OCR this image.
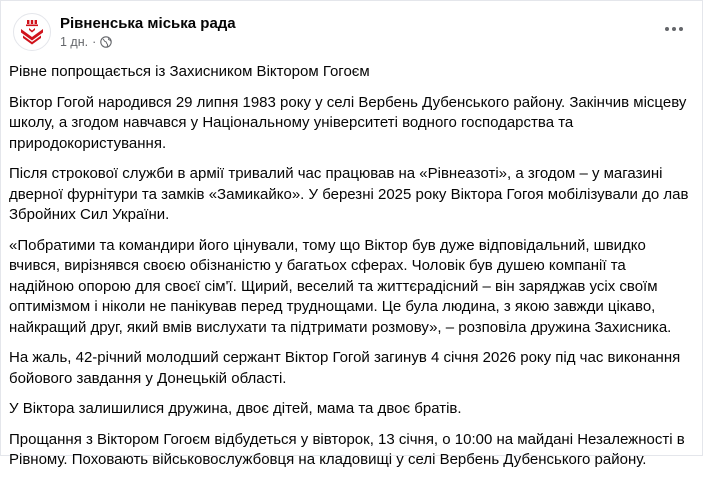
Рівненська міська рада
1 дн. ·

Рівне попрощається із Захисником Віктором Гогоєм

Віктор Гогой народився 29 липня 1983 року у селі Вербень Дубенського району. Закінчив місцеву школу, а згодом навчався у Національному університеті водного господарства та природокористування.

Після строкової служби в армії тривалий час працював на «Рівнеазоті», а згодом – у магазині дверної фурнітури та замків «Замикайко». У березні 2025 року Віктора Гогоя мобілізували до лав Збройних Сил України.

«Побратими та командири його цінували, тому що Віктор був дуже відповідальний, швидко вчився, вирізнявся своєю обізнаністю у багатьох сферах. Чоловік був душею компанії та надійною опорою для своєї сім'ї. Щирий, веселий та життєрадісний – він заряджав усіх своїм оптимізмом і ніколи не панікував перед труднощами. Це була людина, з якою завжди цікаво, найкращий друг, який вмів вислухати та підтримати розмову», – розповіла дружина Захисника.

На жаль, 42-річний молодший сержант Віктор Гогой загинув 4 січня 2026 року під час виконання бойового завдання у Донецькій області.

У Віктора залишилися дружина, двоє дітей, мама та двоє братів.

Прощання з Віктором Гогоєм відбудеться у вівторок, 13 січня, о 10:00 на майдані Незалежності в Рівному. Поховають військовослужбовця на кладовищі у селі Вербень Дубенського району.
